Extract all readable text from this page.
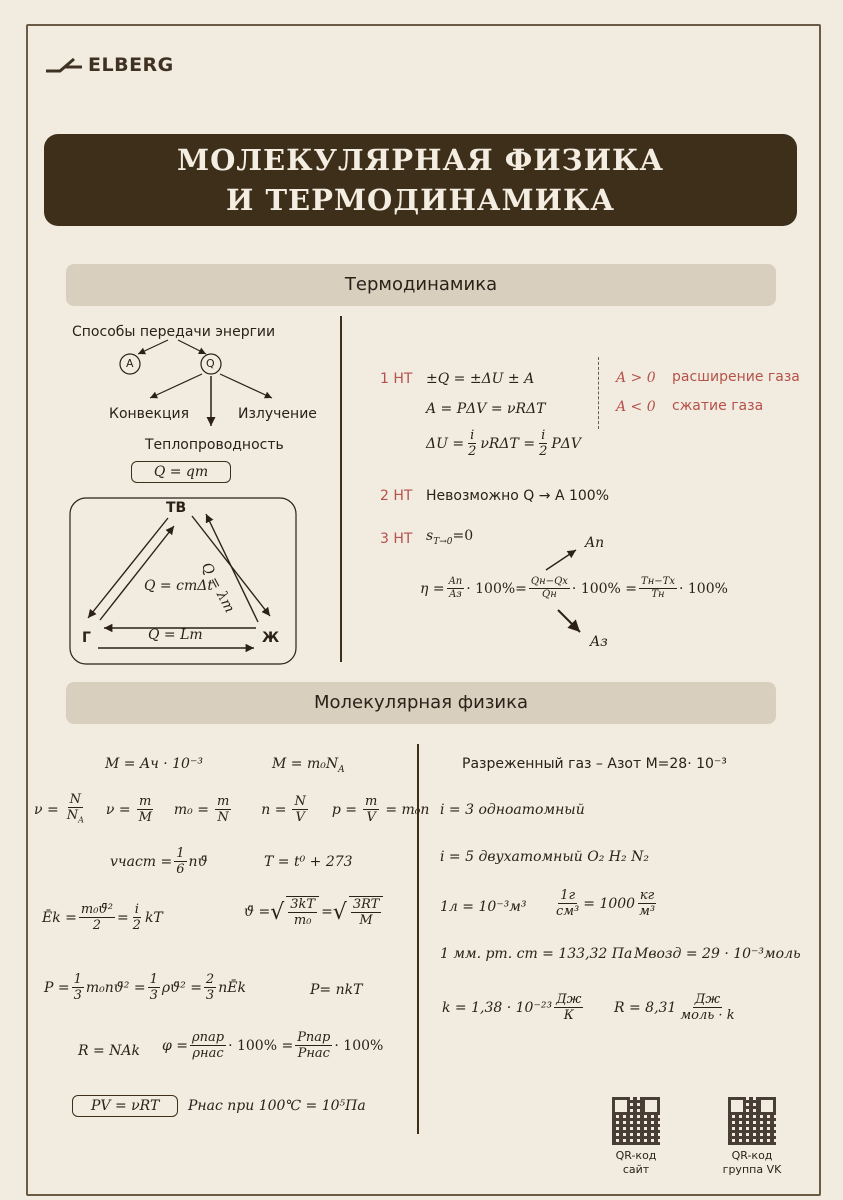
ELBERG
МОЛЕКУЛЯРНАЯ ФИЗИКА
И ТЕРМОДИНАМИКА
Термодинамика
Способы передачи энергии
A	Q
Конвекция	Излучение
Теплопроводность
Q = qm
ТВ
Г	Ж
Q = cmΔt
Q = λm
Q = Lm
1 НТ ±Q = ±ΔU ± A
A = PΔV = νRΔT
$\Delta U = \frac{i}{2}$ $\nu R\Delta T = \frac{i}{2}$ PΔV
A > 0 расширение газа
A < 0 сжатие газа
2 НТ Невозможно Q → A 100%
3 НТ $s_{T\to 0}=0$	Aп
Aз
$\eta = \frac{Aп}{Aз} \cdot 100\%= \frac{Qн-Qх}{Qн} \cdot 100\% = \frac{Tн-Tх}{Tн} \cdot 100\%$
Молекулярная физика
M = Aч · 10⁻³	$M = m_0N_A$
$\nu = \frac{N}{N_A}$ $\nu = \frac{m}{M} m_0 = \frac{m}{N}$ $n = \frac{N}{V}$ $p = \frac{m}{V} = m_0n$
vчаст = $\frac{1}{6}$ nϑ̄	T = t⁰ + 273
Ēk = $\frac{\text{m₀ϑ̄²}}{2} = \frac{i}{2}$ kT	ϑ̄ = √ $\frac{3kT}{\text{m₀}}$ = √ $\frac{3RT}{M}$
$P = \frac{1}{3}$ m₀nϑ̄² = $\frac{1}{3}$ ρϑ̄² = $\frac{2}{3}$ nĒk	P= nkT
R = NAk $\varphi = \frac{\text{ρпар}}{\text{ρнас}} \cdot 100\% = \frac{\text{Pпар}}{\text{Pнас}} \cdot 100\%$
PV = νRT	Pнас при 100℃ = 10⁵Па
Разреженный газ – Азот M=28· 10⁻³
i = 3 одноатомный
i = 5 двухатомный O₂ H₂ N₂
$1л = 10^{-3}м^3 \frac{1г}{\text{см³}} = 1000 \frac{кг}{\text{м³}}$
1 мм. рт. ст = 133,32 Па Mвозд = 29 · 10⁻³моль
$k = 1,38 \cdot 10^{-23} \frac{Дж}{К}$ $R = 8,31 \frac{Дж}{\text{моль · k}}$
QR-код
сайт
QR-код
группа VK
